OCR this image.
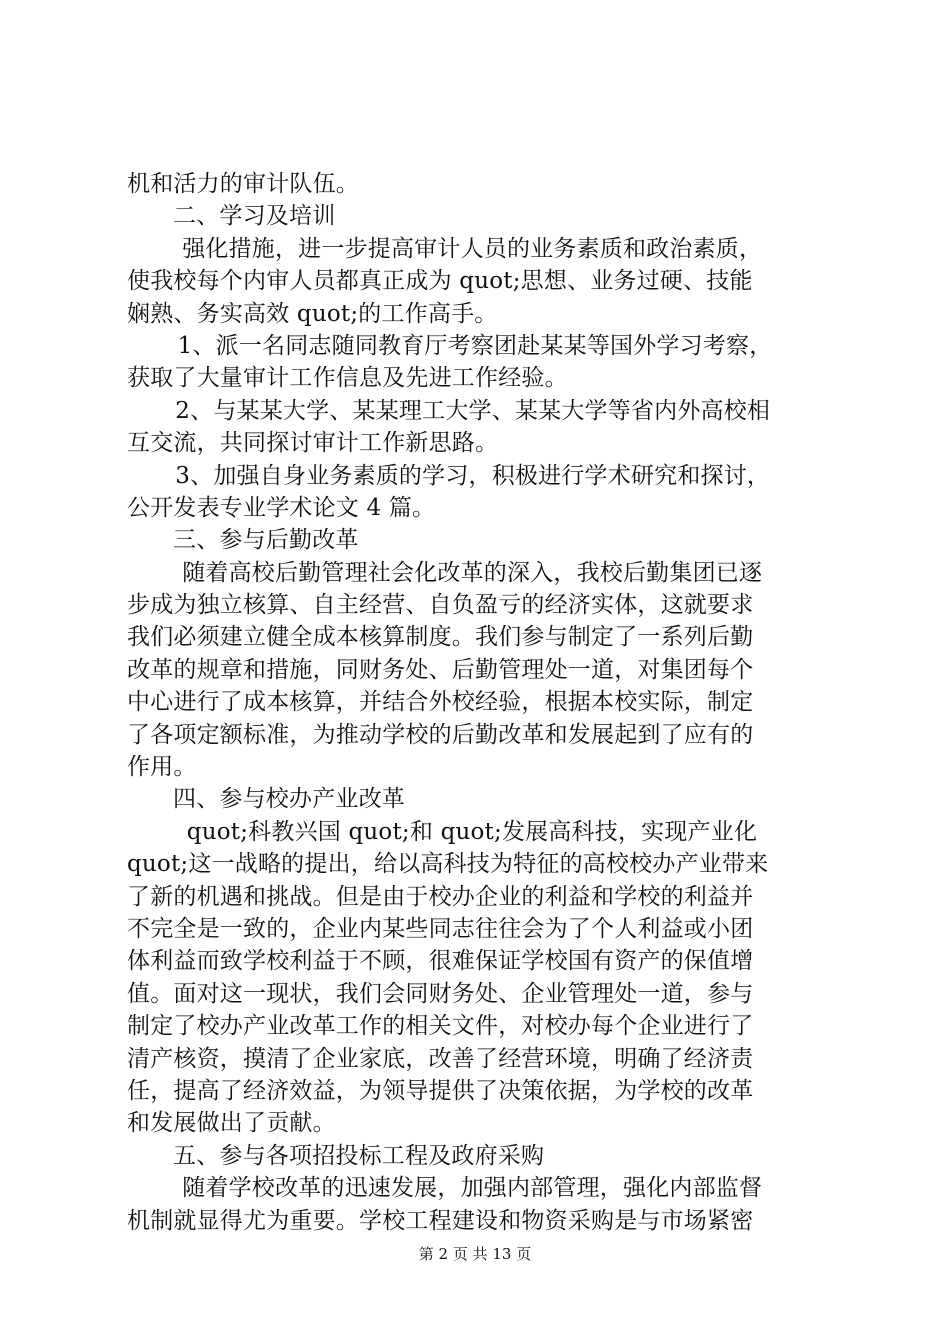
机和活力的审计队伍。
二、学习及培训
强化措施，进一步提高审计人员的业务素质和政治素质，
使我校每个内审人员都真正成为 quot;思想、业务过硬、技能
娴熟、务实高效 quot;的工作高手。
1、派一名同志随同教育厅考察团赴某某等国外学习考察，
获取了大量审计工作信息及先进工作经验。
2、与某某大学、某某理工大学、某某大学等省内外高校相
互交流，共同探讨审计工作新思路。
3、加强自身业务素质的学习，积极进行学术研究和探讨，
公开发表专业学术论文 4 篇。
三、参与后勤改革
随着高校后勤管理社会化改革的深入，我校后勤集团已逐
步成为独立核算、自主经营、自负盈亏的经济实体，这就要求
我们必须建立健全成本核算制度。我们参与制定了一系列后勤
改革的规章和措施，同财务处、后勤管理处一道，对集团每个
中心进行了成本核算，并结合外校经验，根据本校实际，制定
了各项定额标准，为推动学校的后勤改革和发展起到了应有的
作用。
四、参与校办产业改革
quot;科教兴国 quot;和 quot;发展高科技，实现产业化
quot;这一战略的提出，给以高科技为特征的高校校办产业带来
了新的机遇和挑战。但是由于校办企业的利益和学校的利益并
不完全是一致的，企业内某些同志往往会为了个人利益或小团
体利益而致学校利益于不顾，很难保证学校国有资产的保值增
值。面对这一现状，我们会同财务处、企业管理处一道，参与
制定了校办产业改革工作的相关文件，对校办每个企业进行了
清产核资，摸清了企业家底，改善了经营环境，明确了经济责
任，提高了经济效益，为领导提供了决策依据，为学校的改革
和发展做出了贡献。
五、参与各项招投标工程及政府采购
随着学校改革的迅速发展，加强内部管理，强化内部监督
机制就显得尤为重要。学校工程建设和物资采购是与市场紧密
第 2 页 共 13 页
